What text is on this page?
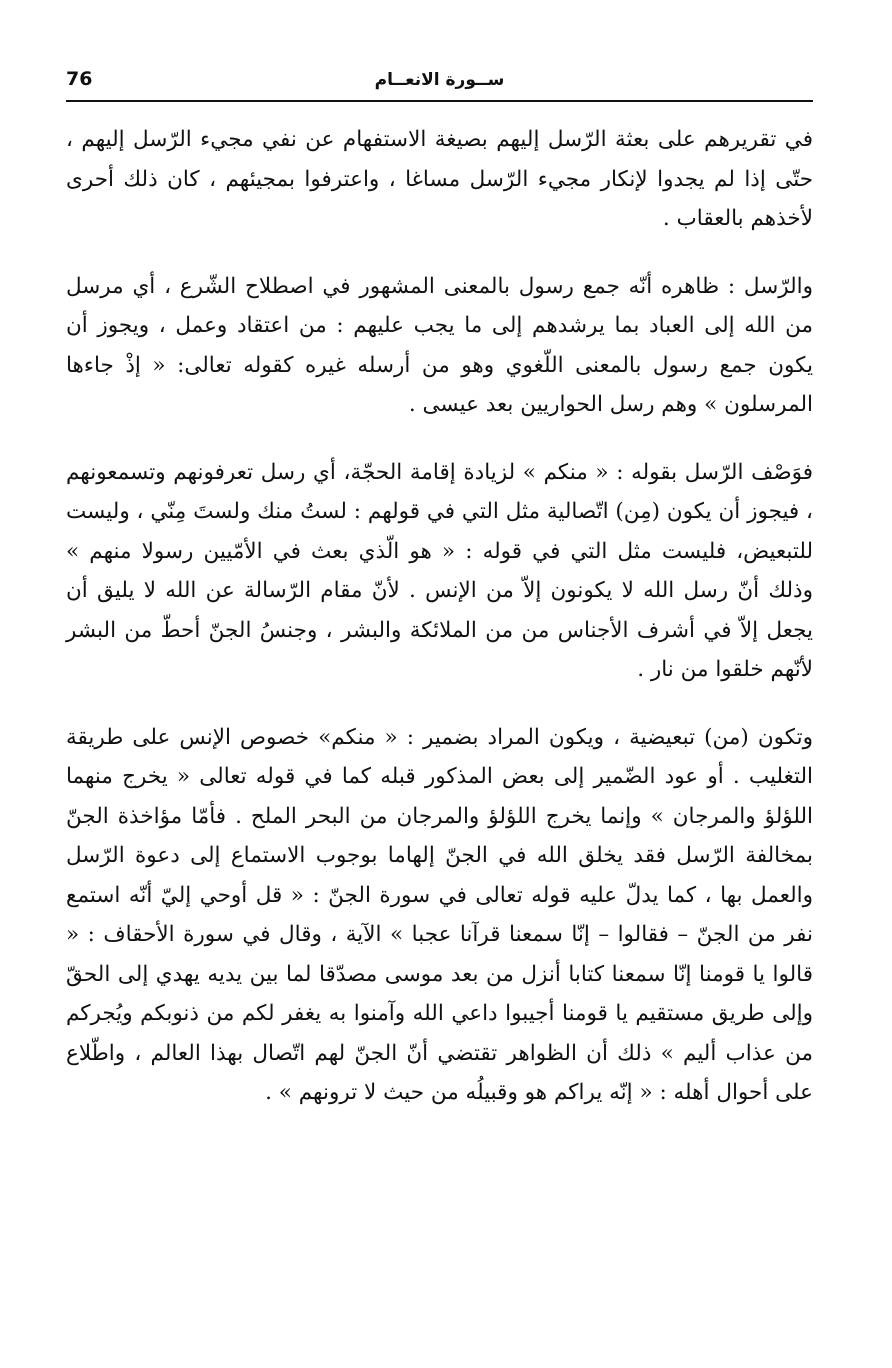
76	ســورة الانعــام

في تقريرهم على بعثة الرّسل إليهم بصيغة الاستفهام عن نفي مجيء الرّسل إليهم ، حتّى إذا لم يجدوا لإنكار مجيء الرّسل مساغا ، واعترفوا بمجيئهم ، كان ذلك أحرى لأخذهم بالعقاب .

والرّسل : ظاهره أنّه جمع رسول بالمعنى المشهور في اصطلاح الشّرع ، أي مرسل من الله إلى العباد بما يرشدهم إلى ما يجب عليهم : من اعتقاد وعمل ، ويجوز أن يكون جمع رسول بالمعنى اللّغوي وهو من أرسله غيره كقوله تعالى: « إذْ جاءها المرسلون » وهم رسل الحواريين بعد عيسى .

فوَصْف الرّسل بقوله : « منكم » لزيادة إقامة الحجّة، أي رسل تعرفونهم وتسمعونهم ، فيجوز أن يكون (مِن) اتّصالية مثل التي في قولهم : لستُ منك ولستَ مِنّي ، وليست للتبعيض، فليست مثل التي في قوله : « هو الّذي بعث في الأمّيين رسولا منهم » وذلك أنّ رسل الله لا يكونون إلاّ من الإنس . لأنّ مقام الرّسالة عن الله لا يليق أن يجعل إلاّ في أشرف الأجناس من من الملائكة والبشر ، وجنسُ الجنّ أحطّ من البشر لأنّهم خلقوا من نار .

وتكون (من) تبعيضية ، ويكون المراد بضمير : « منكم» خصوص الإنس على طريقة التغليب . أو عود الضّمير إلى بعض المذكور قبله كما في قوله تعالى « يخرج منهما اللؤلؤ والمرجان » وإنما يخرج اللؤلؤ والمرجان من البحر الملح . فأمّا مؤاخذة الجنّ بمخالفة الرّسل فقد يخلق الله في الجنّ إلهاما بوجوب الاستماع إلى دعوة الرّسل والعمل بها ، كما يدلّ عليه قوله تعالى في سورة الجنّ : « قل أوحي إليّ أنّه استمع نفر من الجنّ – فقالوا – إنّا سمعنا قرآنا عجبا » الآية ، وقال في سورة الأحقاف : « قالوا يا قومنا إنّا سمعنا كتابا أنزل من بعد موسى مصدّقا لما بين يديه يهدي إلى الحقّ وإلى طريق مستقيم يا قومنا أجيبوا داعي الله وآمنوا به يغفر لكم من ذنوبكم ويُجركم من عذاب أليم » ذلك أن الظواهر تقتضي أنّ الجنّ لهم اتّصال بهذا العالم ، واطّلاع على أحوال أهله : « إنّه يراكم هو وقبيلُه من حيث لا ترونهم » .
